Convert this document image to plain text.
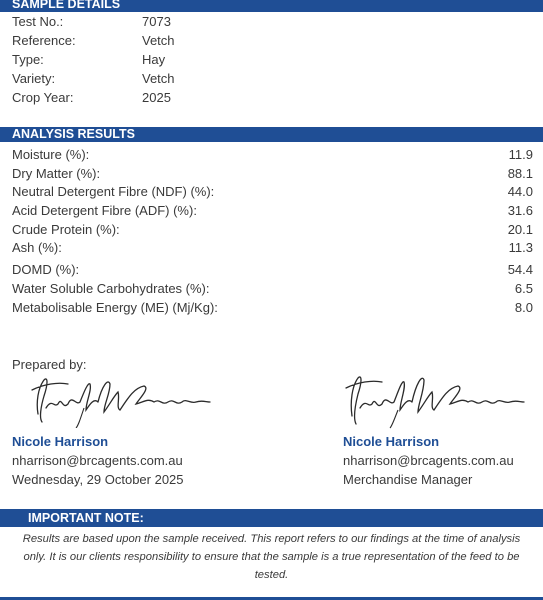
SAMPLE DETAILS
Test No.:	7073
Reference:	Vetch
Type:	Hay
Variety:	Vetch
Crop Year:	2025
ANALYSIS RESULTS
Moisture (%):	11.9
Dry Matter (%):	88.1
Neutral Detergent Fibre (NDF) (%):	44.0
Acid Detergent Fibre (ADF) (%):	31.6
Crude Protein (%):	20.1
Ash (%):	11.3
DOMD (%):	54.4
Water Soluble Carbohydrates (%):	6.5
Metabolisable Energy (ME) (Mj/Kg):	8.0
Prepared by:
Nicole Harrison
nharrison@brcagents.com.au
Wednesday, 29 October 2025
Nicole Harrison
nharrison@brcagents.com.au
Merchandise Manager
IMPORTANT NOTE:
Results are based upon the sample received. This report refers to our findings at the time of analysis only. It is our clients responsibility to ensure that the sample is a true representation of the feed to be tested.
